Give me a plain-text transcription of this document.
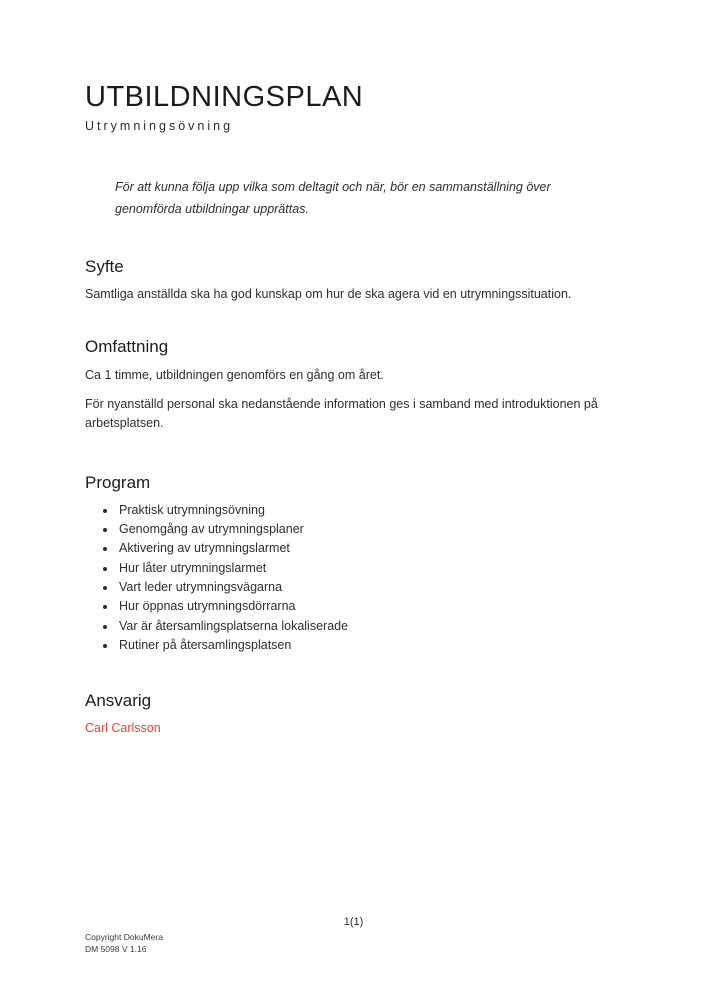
UTBILDNINGSPLAN
Utrymningsövning

För att kunna följa upp vilka som deltagit och när, bör en sammanställning över genomförda utbildningar upprättas.

Syfte

Samtliga anställda ska ha god kunskap om hur de ska agera vid en utrymningssituation.

Omfattning

Ca 1 timme, utbildningen genomförs en gång om året.

För nyanställd personal ska nedanstående information ges i samband med introduktionen på arbetsplatsen.

Program
• Praktisk utrymningsövning
• Genomgång av utrymningsplaner
• Aktivering av utrymningslarmet
• Hur låter utrymningslarmet
• Vart leder utrymningsvägarna
• Hur öppnas utrymningsdörrarna
• Var är återsamlingsplatserna lokaliserade
• Rutiner på återsamlingsplatsen
Ansvarig

Carl Carlsson

1(1)
Copyright DokuMera
DM 5098 V 1.16
